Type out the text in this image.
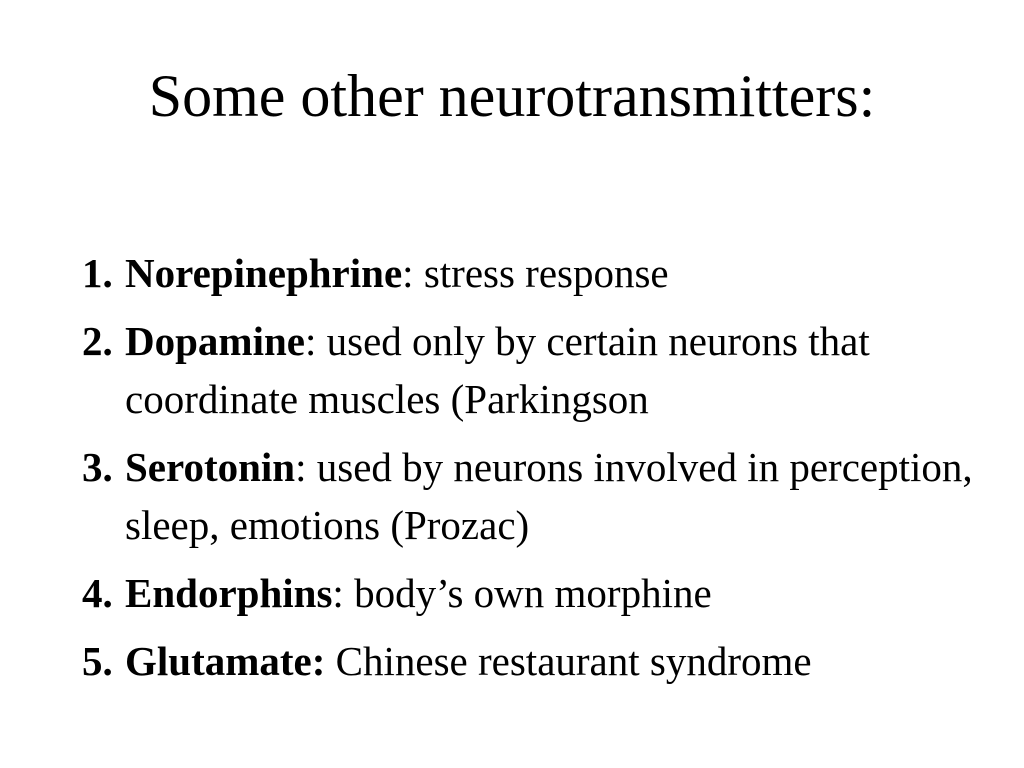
Some other neurotransmitters:
1. Norepinephrine: stress response
2. Dopamine: used only by certain neurons that coordinate muscles (Parkingson
3. Serotonin: used by neurons involved in perception, sleep, emotions (Prozac)
4. Endorphins: body’s own morphine
5. Glutamate: Chinese restaurant syndrome
